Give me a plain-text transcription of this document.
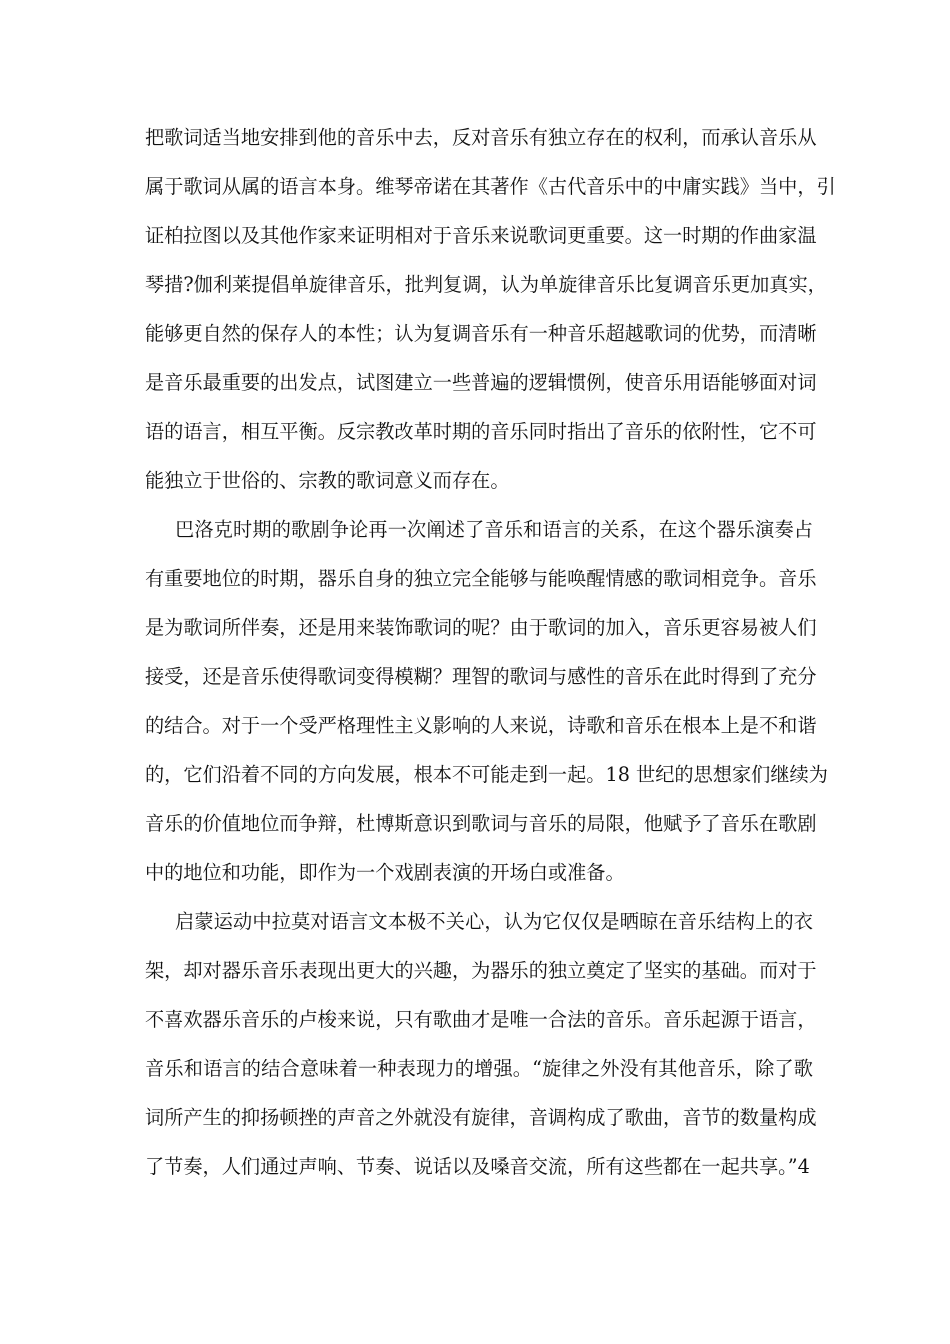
把歌词适当地安排到他的音乐中去，反对音乐有独立存在的权利，而承认音乐从
属于歌词从属的语言本身。维琴帝诺在其著作《古代音乐中的中庸实践》当中，引
证柏拉图以及其他作家来证明相对于音乐来说歌词更重要。这一时期的作曲家温
琴措?伽利莱提倡单旋律音乐，批判复调，认为单旋律音乐比复调音乐更加真实，
能够更自然的保存人的本性；认为复调音乐有一种音乐超越歌词的优势，而清晰
是音乐最重要的出发点，试图建立一些普遍的逻辑惯例，使音乐用语能够面对词
语的语言，相互平衡。反宗教改革时期的音乐同时指出了音乐的依附性，它不可
能独立于世俗的、宗教的歌词意义而存在。
巴洛克时期的歌剧争论再一次阐述了音乐和语言的关系，在这个器乐演奏占
有重要地位的时期，器乐自身的独立完全能够与能唤醒情感的歌词相竞争。音乐
是为歌词所伴奏，还是用来装饰歌词的呢？由于歌词的加入，音乐更容易被人们
接受，还是音乐使得歌词变得模糊？理智的歌词与感性的音乐在此时得到了充分
的结合。对于一个受严格理性主义影响的人来说，诗歌和音乐在根本上是不和谐
的，它们沿着不同的方向发展，根本不可能走到一起。18 世纪的思想家们继续为
音乐的价值地位而争辩，杜博斯意识到歌词与音乐的局限，他赋予了音乐在歌剧
中的地位和功能，即作为一个戏剧表演的开场白或准备。
启蒙运动中拉莫对语言文本极不关心，认为它仅仅是晒晾在音乐结构上的衣
架，却对器乐音乐表现出更大的兴趣，为器乐的独立奠定了坚实的基础。而对于
不喜欢器乐音乐的卢梭来说，只有歌曲才是唯一合法的音乐。音乐起源于语言，
音乐和语言的结合意味着一种表现力的增强。“旋律之外没有其他音乐，除了歌
词所产生的抑扬顿挫的声音之外就没有旋律，音调构成了歌曲，音节的数量构成
了节奏，人们通过声响、节奏、说话以及嗓音交流，所有这些都在一起共享。”4
